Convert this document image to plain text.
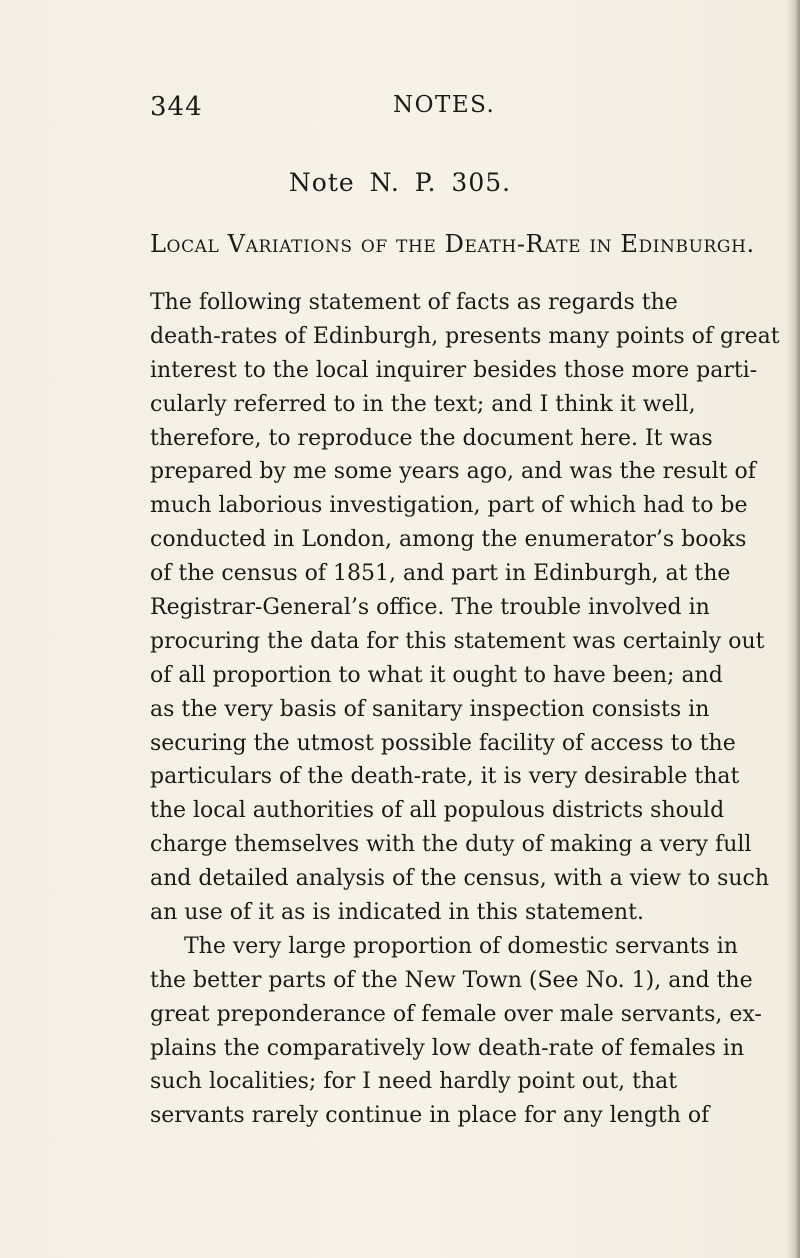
344	NOTES.
Note N. P. 305.
Local Variations of the Death-Rate in Edinburgh.
The following statement of facts as regards the
death-rates of Edinburgh, presents many points of great
interest to the local inquirer besides those more parti-
cularly referred to in the text; and I think it well,
therefore, to reproduce the document here. It was
prepared by me some years ago, and was the result of
much laborious investigation, part of which had to be
conducted in London, among the enumerator’s books
of the census of 1851, and part in Edinburgh, at the
Registrar-General’s office. The trouble involved in
procuring the data for this statement was certainly out
of all proportion to what it ought to have been; and
as the very basis of sanitary inspection consists in
securing the utmost possible facility of access to the
particulars of the death-rate, it is very desirable that
the local authorities of all populous districts should
charge themselves with the duty of making a very full
and detailed analysis of the census, with a view to such
an use of it as is indicated in this statement.
The very large proportion of domestic servants in
the better parts of the New Town (See No. 1), and the
great preponderance of female over male servants, ex-
plains the comparatively low death-rate of females in
such localities; for I need hardly point out, that
servants rarely continue in place for any length of
